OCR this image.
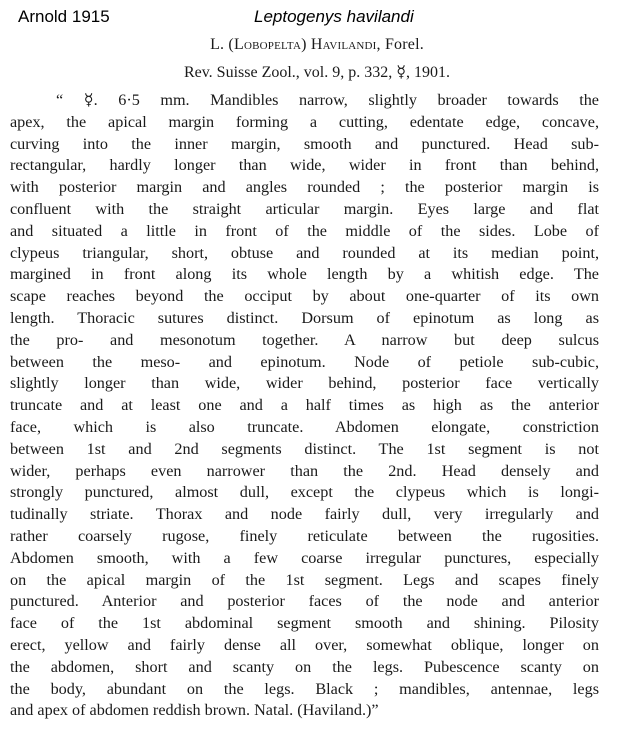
Arnold 1915	Leptogenys havilandi
L. (Lobopelta) Havilandi, Forel.
Rev. Suisse Zool., vol. 9, p. 332, ☿, 1901.
“ ☿. 6·5 mm. Mandibles narrow, slightly broader towards the
apex, the apical margin forming a cutting, edentate edge, concave,
curving into the inner margin, smooth and punctured. Head sub-
rectangular, hardly longer than wide, wider in front than behind,
with posterior margin and angles rounded ; the posterior margin is
confluent with the straight articular margin. Eyes large and flat
and situated a little in front of the middle of the sides. Lobe of
clypeus triangular, short, obtuse and rounded at its median point,
margined in front along its whole length by a whitish edge. The
scape reaches beyond the occiput by about one-quarter of its own
length. Thoracic sutures distinct. Dorsum of epinotum as long as
the pro- and mesonotum together. A narrow but deep sulcus
between the meso- and epinotum. Node of petiole sub-cubic,
slightly longer than wide, wider behind, posterior face vertically
truncate and at least one and a half times as high as the anterior
face, which is also truncate. Abdomen elongate, constriction
between 1st and 2nd segments distinct. The 1st segment is not
wider, perhaps even narrower than the 2nd. Head densely and
strongly punctured, almost dull, except the clypeus which is longi-
tudinally striate. Thorax and node fairly dull, very irregularly and
rather coarsely rugose, finely reticulate between the rugosities.
Abdomen smooth, with a few coarse irregular punctures, especially
on the apical margin of the 1st segment. Legs and scapes finely
punctured. Anterior and posterior faces of the node and anterior
face of the 1st abdominal segment smooth and shining. Pilosity
erect, yellow and fairly dense all over, somewhat oblique, longer on
the abdomen, short and scanty on the legs. Pubescence scanty on
the body, abundant on the legs. Black ; mandibles, antennae, legs
and apex of abdomen reddish brown. Natal. (Haviland.)”
